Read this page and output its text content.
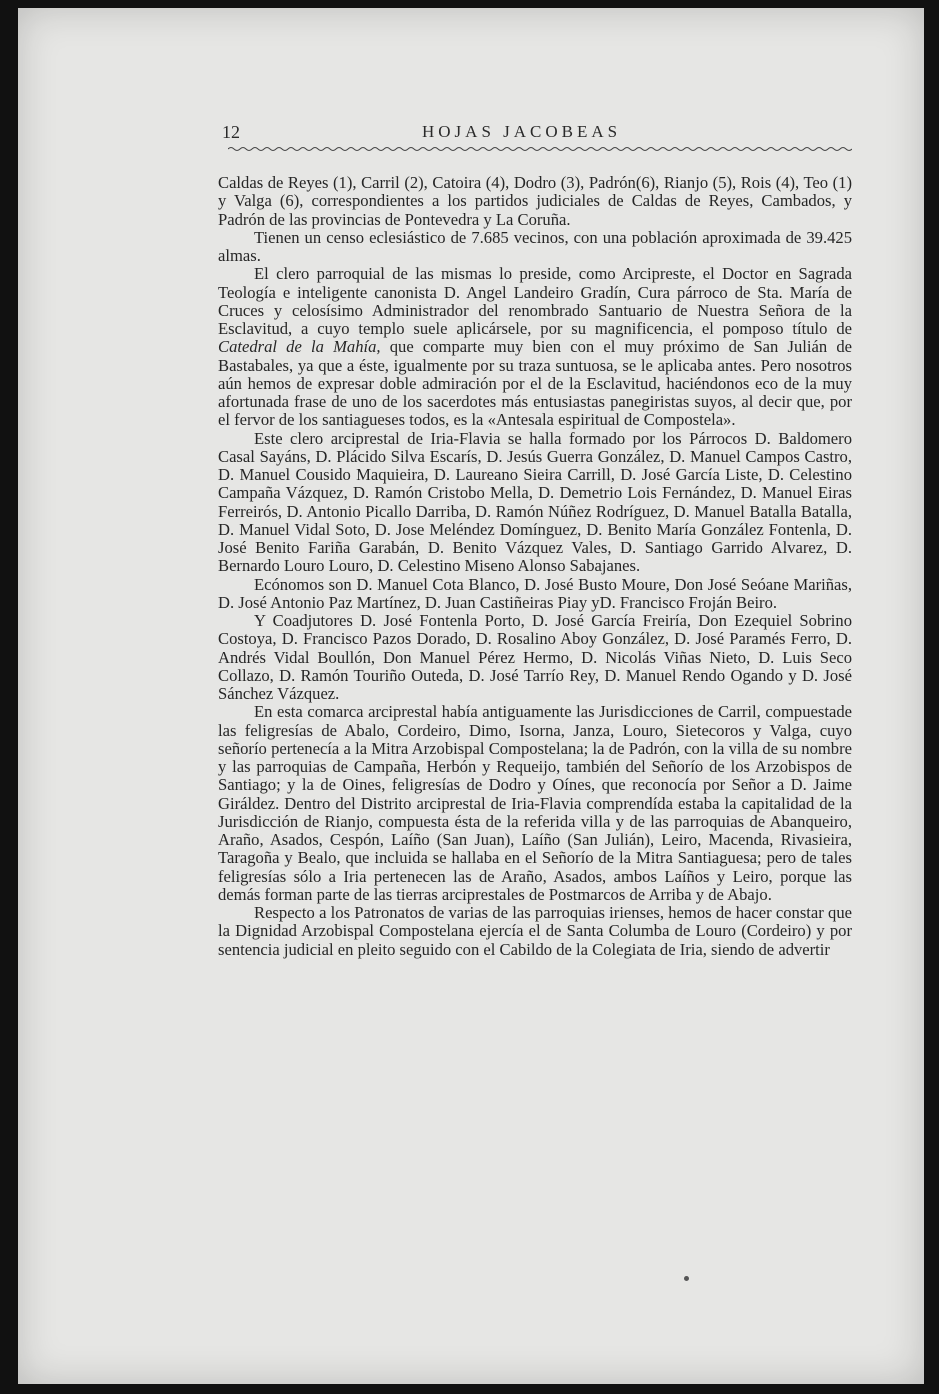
12	HOJAS JACOBEAS

Caldas de Reyes (1), Carril (2), Catoira (4), Dodro (3), Padrón(6), Rianjo (5), Rois (4), Teo (1) y Valga (6), correspondientes a los partidos judiciales de Caldas de Reyes, Cambados, y Padrón de las provincias de Pontevedra y La Coruña.

Tienen un censo eclesiástico de 7.685 vecinos, con una población aproximada de 39.425 almas.

El clero parroquial de las mismas lo preside, como Arcipreste, el Doctor en Sagrada Teología e inteligente canonista D. Angel Landeiro Gradín, Cura párroco de Sta. María de Cruces y celosísimo Administrador del renombrado Santuario de Nuestra Señora de la Esclavitud, a cuyo templo suele aplicársele, por su magnificencia, el pomposo título de Catedral de la Mahía, que comparte muy bien con el muy próximo de San Julián de Bastabales, ya que a éste, igualmente por su traza suntuosa, se le aplicaba antes. Pero nosotros aún hemos de expresar doble admiración por el de la Esclavitud, haciéndonos eco de la muy afortunada frase de uno de los sacerdotes más entusiastas panegiristas suyos, al decir que, por el fervor de los santiagueses todos, es la «Antesala espiritual de Compostela».

Este clero arciprestal de Iria-Flavia se halla formado por los Párrocos D. Baldomero Casal Sayáns, D. Plácido Silva Escarís, D. Jesús Guerra González, D. Manuel Campos Castro, D. Manuel Cousido Maquieira, D. Laureano Sieira Carrill, D. José García Liste, D. Celestino Campaña Vázquez, D. Ramón Cristobo Mella, D. Demetrio Lois Fernández, D. Manuel Eiras Ferreirós, D. Antonio Picallo Darriba, D. Ramón Núñez Rodríguez, D. Manuel Batalla Batalla, D. Manuel Vidal Soto, D. Jose Meléndez Domínguez, D. Benito María González Fontenla, D. José Benito Fariña Garabán, D. Benito Vázquez Vales, D. Santiago Garrido Alvarez, D. Bernardo Louro Louro, D. Celestino Miseno Alonso Sabajanes.

Ecónomos son D. Manuel Cota Blanco, D. José Busto Moure, Don José Seóane Mariñas, D. José Antonio Paz Martínez, D. Juan Castiñeiras Piay yD. Francisco Froján Beiro.

Y Coadjutores D. José Fontenla Porto, D. José García Freiría, Don Ezequiel Sobrino Costoya, D. Francisco Pazos Dorado, D. Rosalino Aboy González, D. José Paramés Ferro, D. Andrés Vidal Boullón, Don Manuel Pérez Hermo, D. Nicolás Viñas Nieto, D. Luis Seco Collazo, D. Ramón Touriño Outeda, D. José Tarrío Rey, D. Manuel Rendo Ogando y D. José Sánchez Vázquez.

En esta comarca arciprestal había antiguamente las Jurisdicciones de Carril, compuestade las feligresías de Abalo, Cordeiro, Dimo, Isorna, Janza, Louro, Sietecoros y Valga, cuyo señorío pertenecía a la Mitra Arzobispal Compostelana; la de Padrón, con la villa de su nombre y las parroquias de Campaña, Herbón y Requeijo, también del Señorío de los Arzobispos de Santiago; y la de Oines, feligresías de Dodro y Oínes, que reconocía por Señor a D. Jaime Giráldez. Dentro del Distrito arciprestal de Iria-Flavia comprendída estaba la capitalidad de la Jurisdicción de Rianjo, compuesta ésta de la referida villa y de las parroquias de Abanqueiro, Araño, Asados, Cespón, Laíño (San Juan), Laíño (San Julián), Leiro, Macenda, Rivasieira, Taragoña y Bealo, que incluida se hallaba en el Señorío de la Mitra Santiaguesa; pero de tales feligresías sólo a Iria pertenecen las de Araño, Asados, ambos Laíños y Leiro, porque las demás forman parte de las tierras arciprestales de Postmarcos de Arriba y de Abajo.

Respecto a los Patronatos de varias de las parroquias irienses, hemos de hacer constar que la Dignidad Arzobispal Compostelana ejercía el de Santa Columba de Louro (Cordeiro) y por sentencia judicial en pleito seguido con el Cabildo de la Colegiata de Iria, siendo de advertir
